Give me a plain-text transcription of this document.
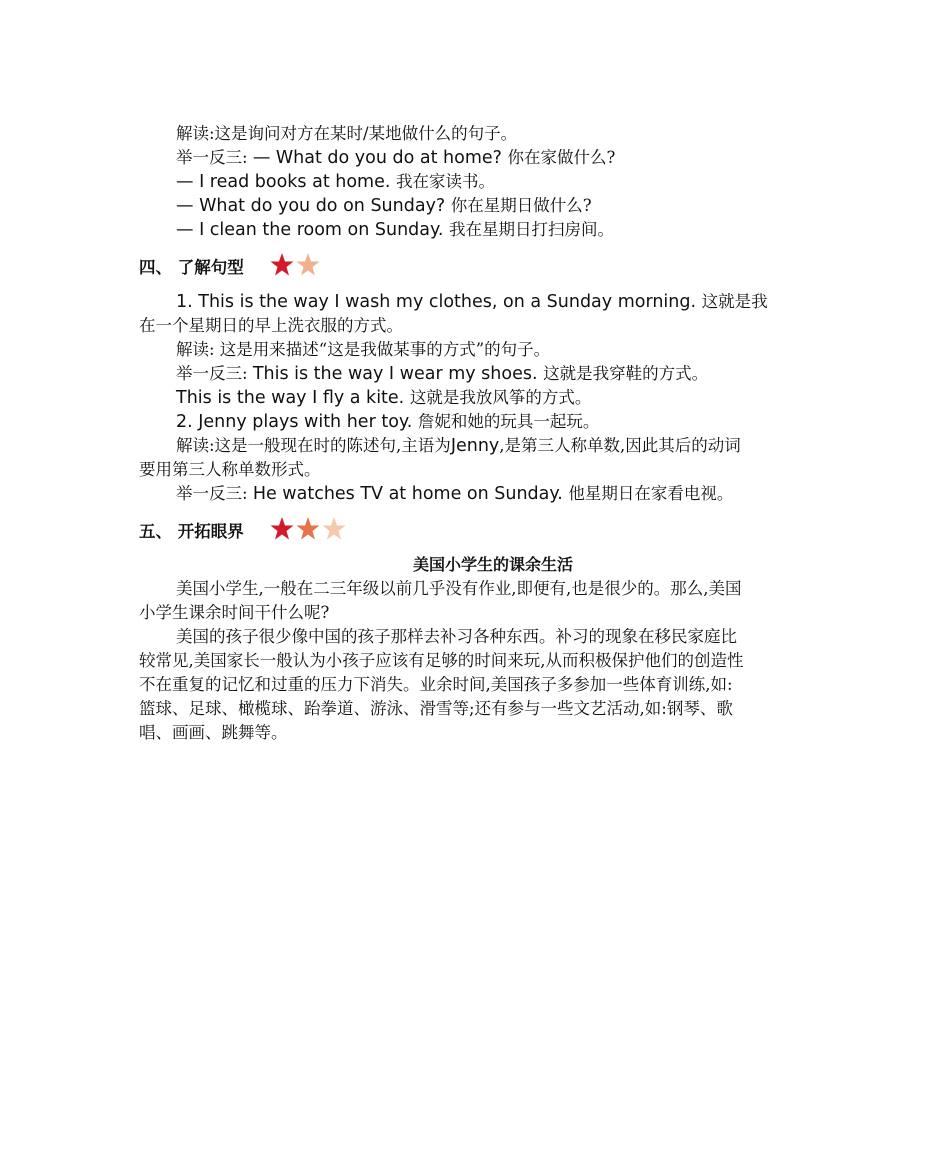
解读:这是询问对方在某时/某地做什么的句子。
举一反三: — What do you do at home? 你在家做什么?
— I read books at home. 我在家读书。
— What do you do on Sunday? 你在星期日做什么?
— I clean the room on Sunday. 我在星期日打扫房间。
四、 了解句型
1. This is the way I wash my clothes, on a Sunday morning. 这就是我
在一个星期日的早上洗衣服的方式。
解读: 这是用来描述“这是我做某事的方式”的句子。
举一反三: This is the way I wear my shoes. 这就是我穿鞋的方式。
This is the way I fly a kite. 这就是我放风筝的方式。
2. Jenny plays with her toy. 詹妮和她的玩具一起玩。
解读:这是一般现在时的陈述句,主语为Jenny,是第三人称单数,因此其后的动词
要用第三人称单数形式。
举一反三: He watches TV at home on Sunday. 他星期日在家看电视。
五、 开拓眼界
美国小学生的课余生活
美国小学生,一般在二三年级以前几乎没有作业,即便有,也是很少的。那么,美国
小学生课余时间干什么呢?
美国的孩子很少像中国的孩子那样去补习各种东西。补习的现象在移民家庭比
较常见,美国家长一般认为小孩子应该有足够的时间来玩,从而积极保护他们的创造性
不在重复的记忆和过重的压力下消失。业余时间,美国孩子多参加一些体育训练,如:
篮球、足球、橄榄球、跆拳道、游泳、滑雪等;还有参与一些文艺活动,如:钢琴、歌
唱、画画、跳舞等。
